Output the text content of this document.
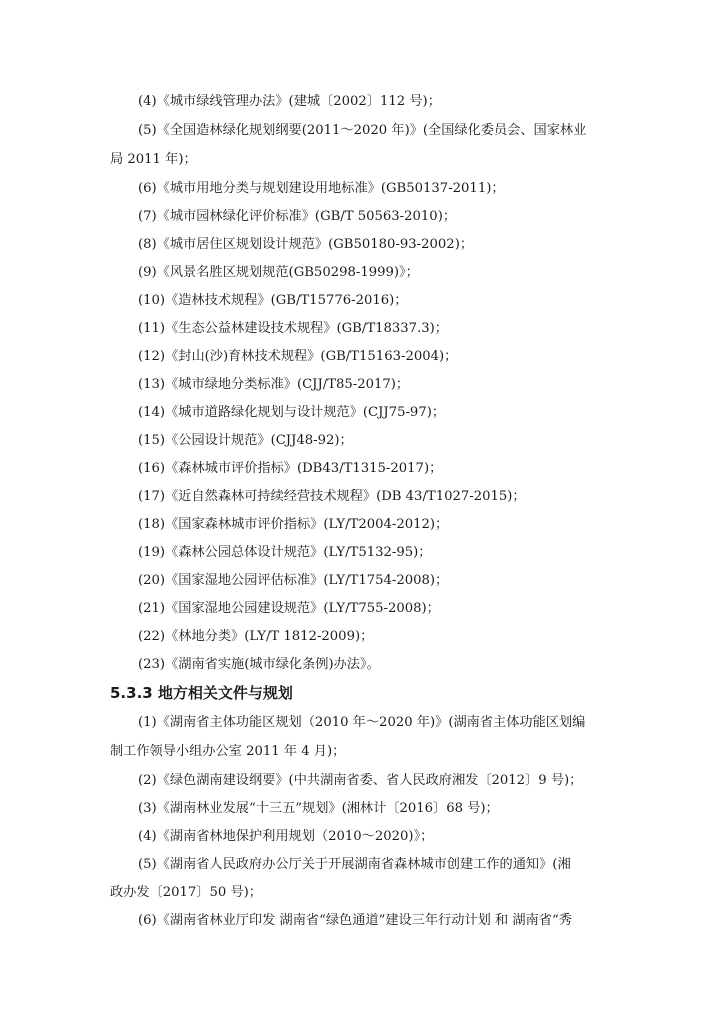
(4)《城市绿线管理办法》(建城〔2002〕112 号)；
(5)《全国造林绿化规划纲要(2011～2020 年)》(全国绿化委员会、国家林业
局 2011 年)；
(6)《城市用地分类与规划建设用地标准》(GB50137-2011)；
(7)《城市园林绿化评价标准》(GB/T 50563-2010)；
(8)《城市居住区规划设计规范》(GB50180-93-2002)；
(9)《风景名胜区规划规范(GB50298-1999)》；
(10)《造林技术规程》(GB/T15776-2016)；
(11)《生态公益林建设技术规程》(GB/T18337.3)；
(12)《封山(沙)育林技术规程》(GB/T15163-2004)；
(13)《城市绿地分类标准》(CJJ/T85-2017)；
(14)《城市道路绿化规划与设计规范》(CJJ75-97)；
(15)《公园设计规范》(CJJ48-92)；
(16)《森林城市评价指标》(DB43/T1315-2017)；
(17)《近自然森林可持续经营技术规程》(DB 43/T1027-2015)；
(18)《国家森林城市评价指标》(LY/T2004-2012)；
(19)《森林公园总体设计规范》(LY/T5132-95)；
(20)《国家湿地公园评估标准》(LY/T1754-2008)；
(21)《国家湿地公园建设规范》(LY/T755-2008)；
(22)《林地分类》(LY/T 1812-2009)；
(23)《湖南省实施(城市绿化条例)办法》。
5.3.3 地方相关文件与规划
(1)《湖南省主体功能区规划（2010 年～2020 年)》(湖南省主体功能区划编
制工作领导小组办公室 2011 年 4 月)；
(2)《绿色湖南建设纲要》(中共湖南省委、省人民政府湘发〔2012〕9 号)；
(3)《湖南林业发展“十三五”规划》(湘林计〔2016〕68 号)；
(4)《湖南省林地保护利用规划（2010～2020)》；
(5)《湖南省人民政府办公厅关于开展湖南省森林城市创建工作的通知》(湘
政办发〔2017〕50 号)；
(6)《湖南省林业厅印发 湖南省“绿色通道”建设三年行动计划 和 湖南省“秀
